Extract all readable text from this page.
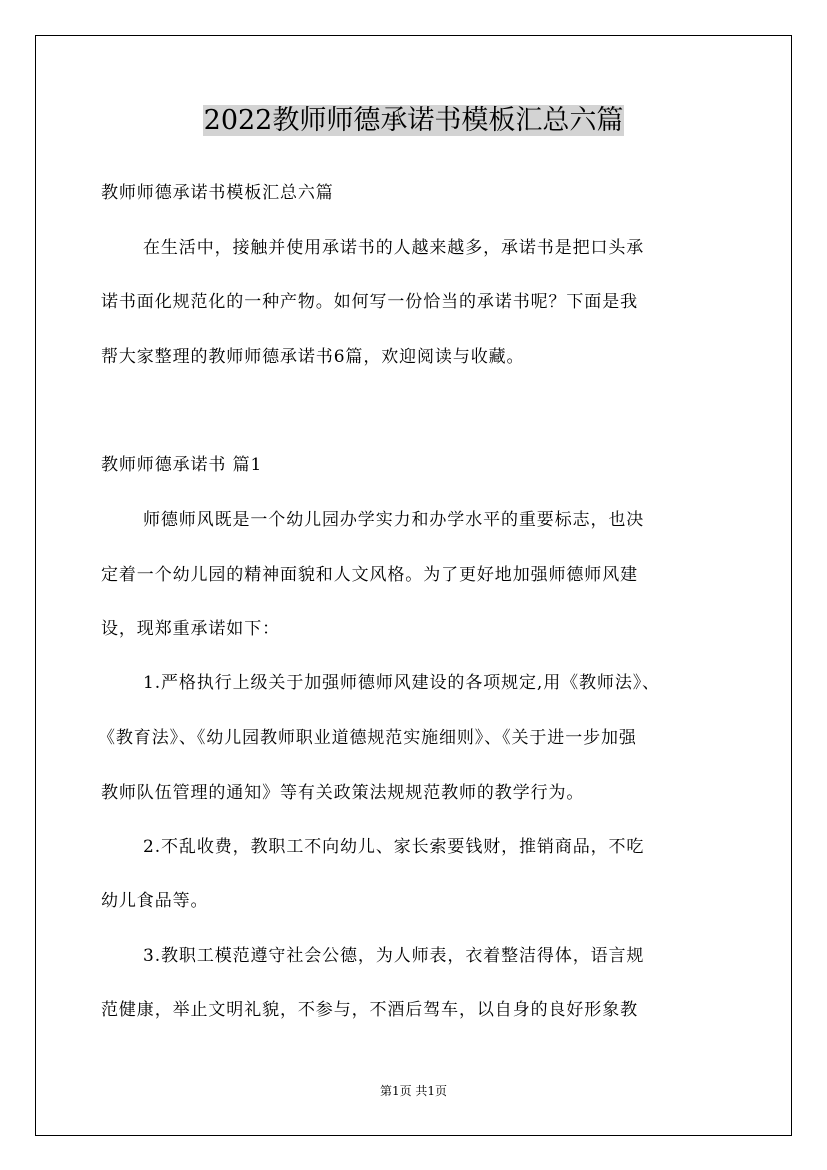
2022教师师德承诺书模板汇总六篇
教师师德承诺书模板汇总六篇
在生活中，接触并使用承诺书的人越来越多，承诺书是把口头承
诺书面化规范化的一种产物。如何写一份恰当的承诺书呢？下面是我
帮大家整理的教师师德承诺书6篇，欢迎阅读与收藏。
教师师德承诺书 篇1
师德师风既是一个幼儿园办学实力和办学水平的重要标志，也决
定着一个幼儿园的精神面貌和人文风格。为了更好地加强师德师风建
设，现郑重承诺如下：
1.严格执行上级关于加强师德师风建设的各项规定,用《教师法》、
《教育法》、《幼儿园教师职业道德规范实施细则》、《关于进一步加强
教师队伍管理的通知》等有关政策法规规范教师的教学行为。
2.不乱收费，教职工不向幼儿、家长索要钱财，推销商品，不吃
幼儿食品等。
3.教职工模范遵守社会公德，为人师表，衣着整洁得体，语言规
范健康，举止文明礼貌，不参与，不酒后驾车，以自身的良好形象教
第1页 共1页
